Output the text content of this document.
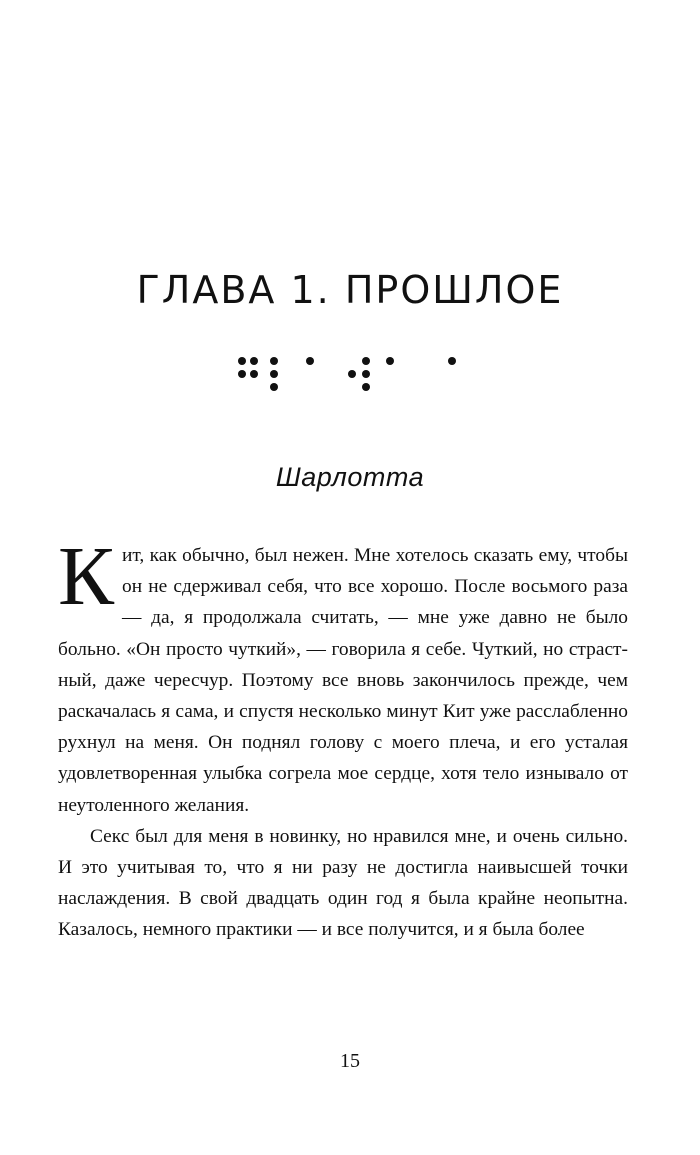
ГЛАВА 1. ПРОШЛОЕ
Шарлотта

Кит, как обычно, был нежен. Мне хотелось сказать ему, чтобы он не сдерживал себя, что все хорошо. После восьмого раза — да, я продолжала считать, — мне уже давно не было больно. «Он просто чуткий», — говорила я себе. Чуткий, но страстный, даже чересчур. Поэтому все вновь закончилось прежде, чем раскачалась я сама, и спустя несколько минут Кит уже расслабленно рухнул на меня. Он поднял голову с моего плеча, и его усталая удовлетворенная улыбка согрела мое сердце, хотя тело изнывало от неутоленного желания.

Секс был для меня в новинку, но нравился мне, и очень сильно. И это учитывая то, что я ни разу не достигла наивысшей точки наслаждения. В свой двадцать один год я была крайне неопытна. Казалось, немного практики — и все получится, и я была более

15
